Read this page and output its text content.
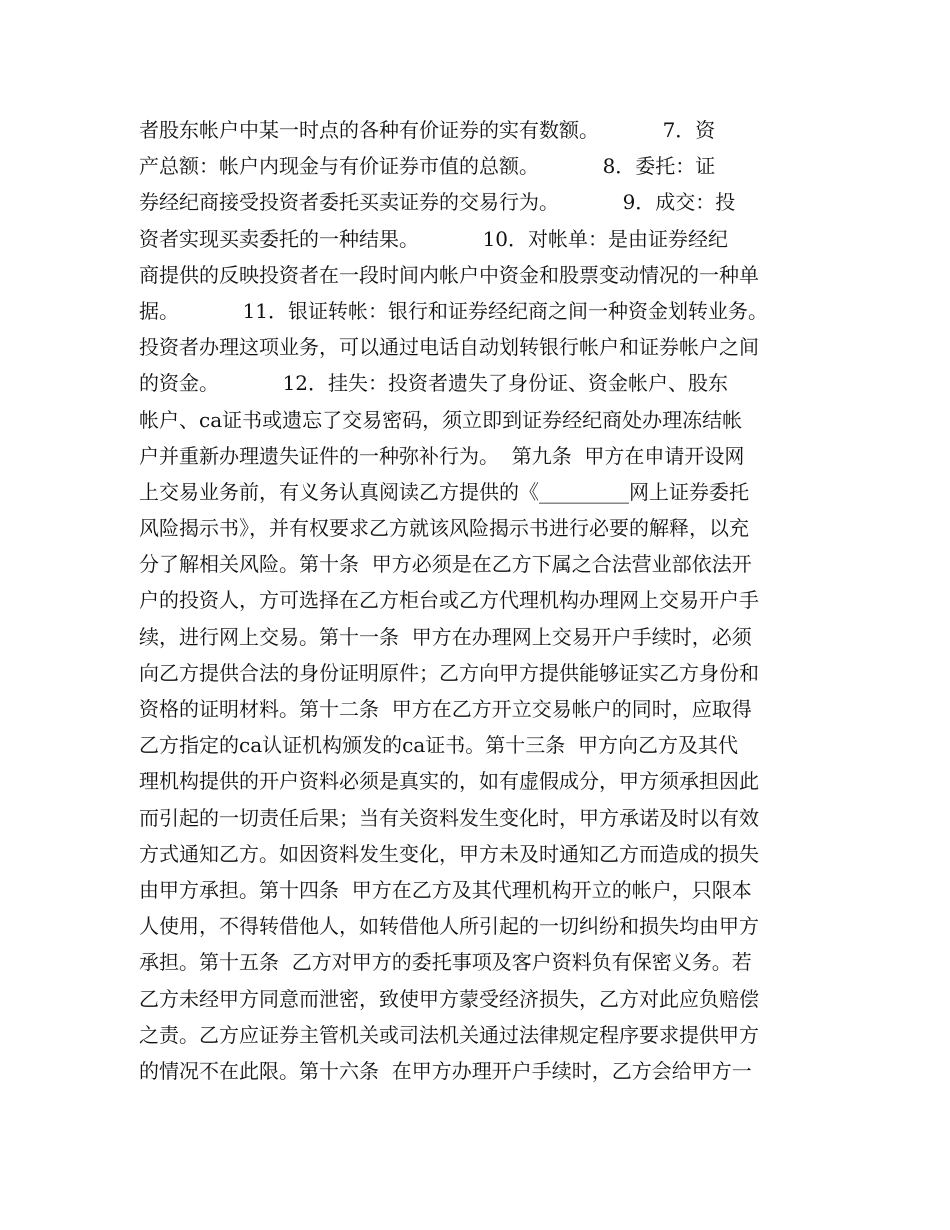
者股东帐户中某一时点的各种有价证券的实有数额。          7．资
产总额：帐户内现金与有价证券市值的总额。          8．委托：证
券经纪商接受投资者委托买卖证券的交易行为。          9．成交：投
资者实现买卖委托的一种结果。          10．对帐单：是由证券经纪
商提供的反映投资者在一段时间内帐户中资金和股票变动情况的一种单
据。          11．银证转帐：银行和证券经纪商之间一种资金划转业务。
投资者办理这项业务，可以通过电话自动划转银行帐户和证券帐户之间
的资金。          12．挂失：投资者遗失了身份证、资金帐户、股东
帐户、ca证书或遗忘了交易密码，须立即到证券经纪商处办理冻结帐
户并重新办理遗失证件的一种弥补行为。  第九条  甲方在申请开设网
上交易业务前，有义务认真阅读乙方提供的《_________网上证券委托
风险揭示书》，并有权要求乙方就该风险揭示书进行必要的解释，以充
分了解相关风险。第十条  甲方必须是在乙方下属之合法营业部依法开
户的投资人，方可选择在乙方柜台或乙方代理机构办理网上交易开户手
续，进行网上交易。第十一条  甲方在办理网上交易开户手续时，必须
向乙方提供合法的身份证明原件；乙方向甲方提供能够证实乙方身份和
资格的证明材料。第十二条  甲方在乙方开立交易帐户的同时，应取得
乙方指定的ca认证机构颁发的ca证书。第十三条  甲方向乙方及其代
理机构提供的开户资料必须是真实的，如有虚假成分，甲方须承担因此
而引起的一切责任后果；当有关资料发生变化时，甲方承诺及时以有效
方式通知乙方。如因资料发生变化，甲方未及时通知乙方而造成的损失
由甲方承担。第十四条  甲方在乙方及其代理机构开立的帐户，只限本
人使用，不得转借他人，如转借他人所引起的一切纠纷和损失均由甲方
承担。第十五条  乙方对甲方的委托事项及客户资料负有保密义务。若
乙方未经甲方同意而泄密，致使甲方蒙受经济损失，乙方对此应负赔偿
之责。乙方应证券主管机关或司法机关通过法律规定程序要求提供甲方
的情况不在此限。第十六条  在甲方办理开户手续时，乙方会给甲方一
